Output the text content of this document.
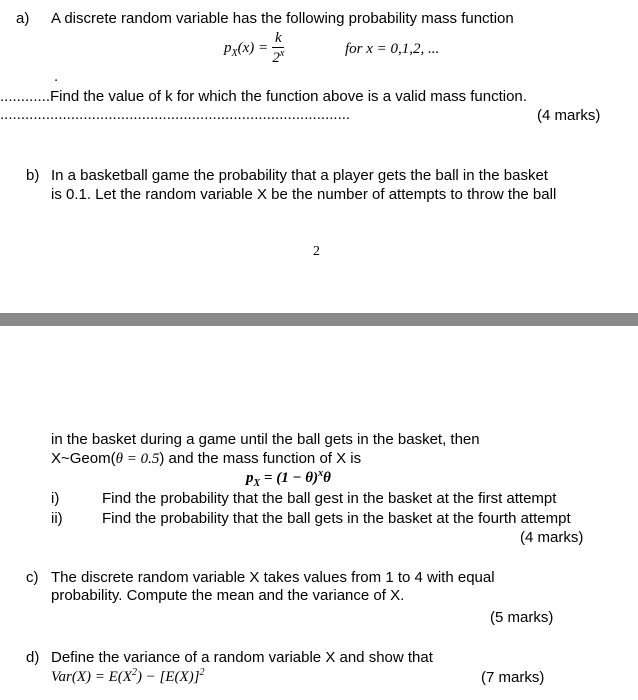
a) A discrete random variable has the following probability mass function
$p_X(x) = \frac{k}{2^x}$	for x = 0,1,2, ...
.
............Find the value of k for which the function above is a valid mass function.
....................................................................................	(4 marks)
b) In a basketball game the probability that a player gets the ball in the basket
is 0.1. Let the random variable X be the number of attempts to throw the ball
2
in the basket during a game until the ball gets in the basket, then
X~Geom(θ = 0.5) and the mass function of X is
$p_X = (1 - \theta)^x\theta$
i)	Find the probability that the ball gest in the basket at the first attempt
ii)	Find the probability that the ball gets in the basket at the fourth attempt
(4 marks)
c) The discrete random variable X takes values from 1 to 4 with equal
probability. Compute the mean and the variance of X.
(5 marks)
d) Define the variance of a random variable X and show that
$Var(X) = E(X^2) - [E(X)]^2$	(7 marks)
